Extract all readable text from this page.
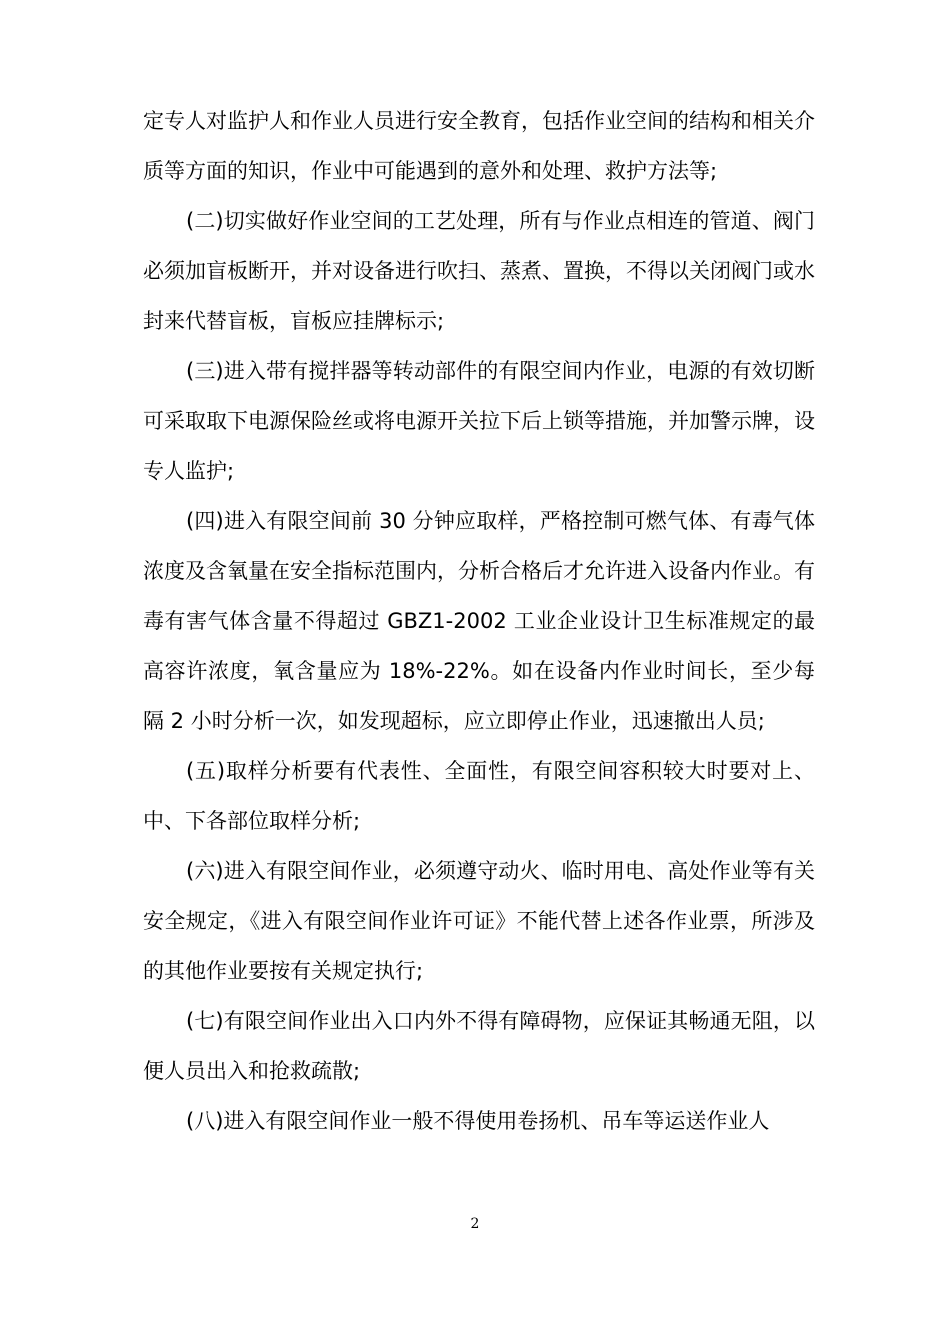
定专人对监护人和作业人员进行安全教育，包括作业空间的结构和相关介质等方面的知识，作业中可能遇到的意外和处理、救护方法等;

(二)切实做好作业空间的工艺处理，所有与作业点相连的管道、阀门必须加盲板断开，并对设备进行吹扫、蒸煮、置换，不得以关闭阀门或水封来代替盲板，盲板应挂牌标示;

(三)进入带有搅拌器等转动部件的有限空间内作业，电源的有效切断可采取取下电源保险丝或将电源开关拉下后上锁等措施，并加警示牌，设专人监护;

(四)进入有限空间前 30 分钟应取样，严格控制可燃气体、有毒气体浓度及含氧量在安全指标范围内，分析合格后才允许进入设备内作业。有毒有害气体含量不得超过 GBZ1-2002 工业企业设计卫生标准规定的最高容许浓度，氧含量应为 18%-22%。如在设备内作业时间长，至少每隔 2 小时分析一次，如发现超标，应立即停止作业，迅速撤出人员;

(五)取样分析要有代表性、全面性，有限空间容积较大时要对上、中、下各部位取样分析;

(六)进入有限空间作业，必须遵守动火、临时用电、高处作业等有关安全规定，《进入有限空间作业许可证》不能代替上述各作业票，所涉及的其他作业要按有关规定执行;

(七)有限空间作业出入口内外不得有障碍物，应保证其畅通无阻，以便人员出入和抢救疏散;

(八)进入有限空间作业一般不得使用卷扬机、吊车等运送作业人

2
